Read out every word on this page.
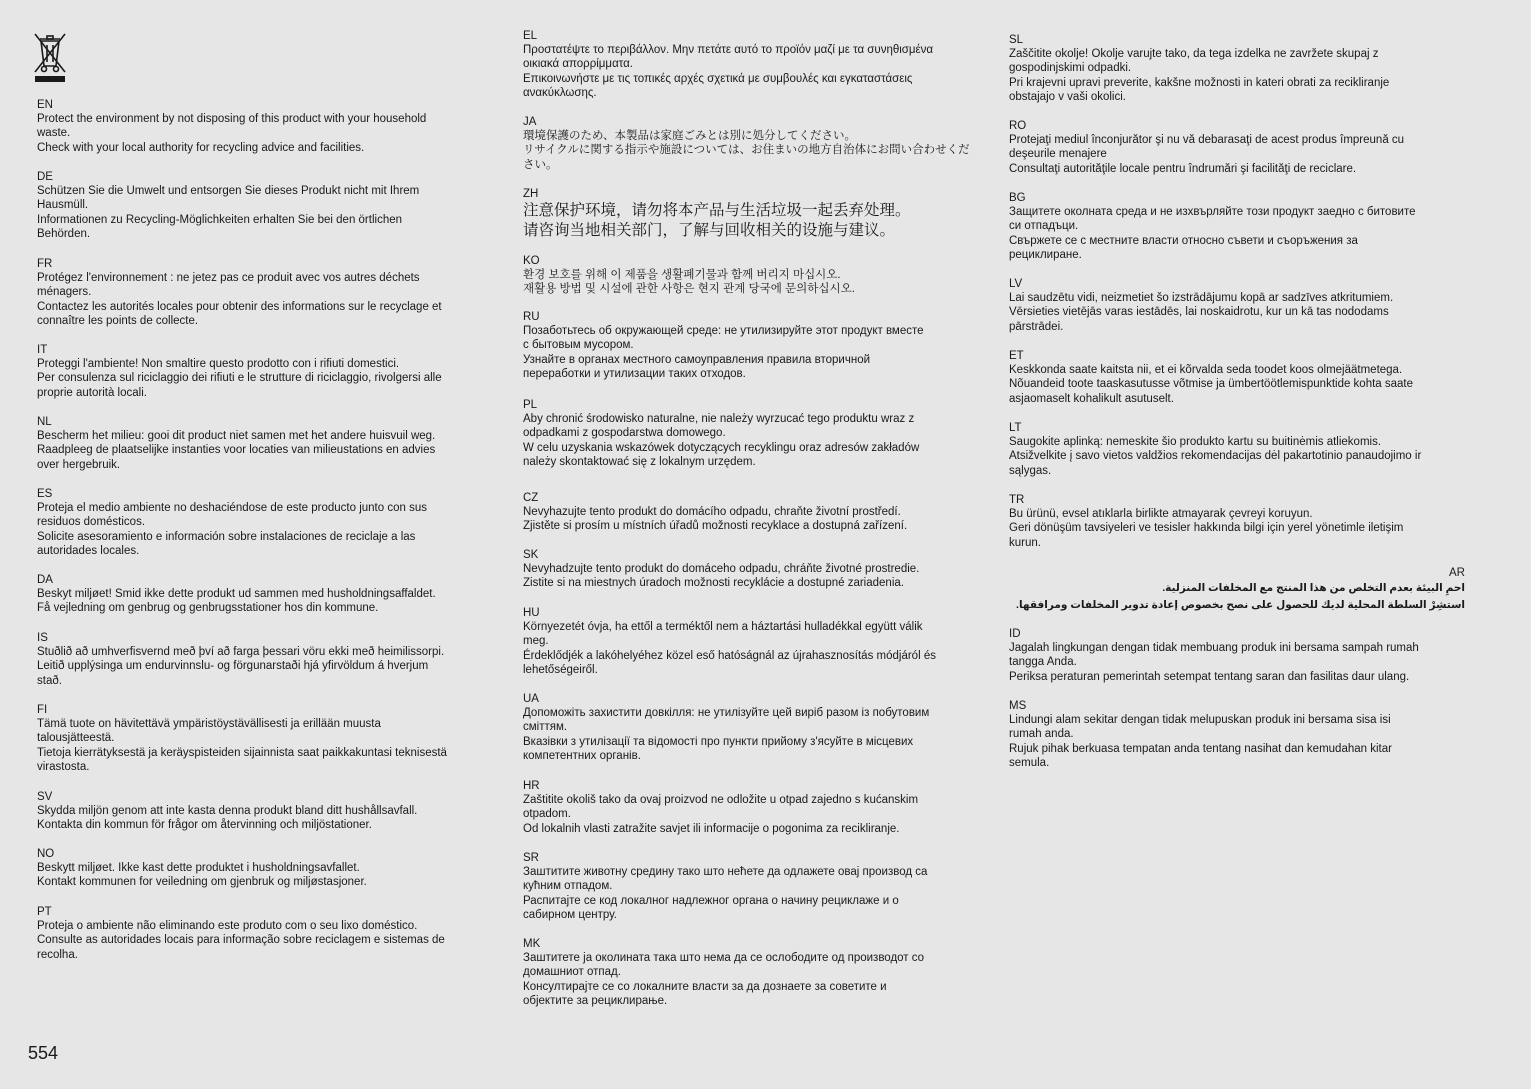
EN

Protect the environment by not disposing of this product with your household
waste.
Check with your local authority for recycling advice and facilities.

DE

Schützen Sie die Umwelt und entsorgen Sie dieses Produkt nicht mit Ihrem
Hausmüll.
Informationen zu Recycling-Möglichkeiten erhalten Sie bei den örtlichen
Behörden.

FR

Protégez l'environnement : ne jetez pas ce produit avec vos autres déchets
ménagers.
Contactez les autorités locales pour obtenir des informations sur le recyclage et
connaître les points de collecte.

IT

Proteggi l'ambiente! Non smaltire questo prodotto con i rifiuti domestici.
Per consulenza sul riciclaggio dei rifiuti e le strutture di riciclaggio, rivolgersi alle
proprie autorità locali.

NL

Bescherm het milieu: gooi dit product niet samen met het andere huisvuil weg.
Raadpleeg de plaatselijke instanties voor locaties van milieustations en advies
over hergebruik.

ES

Proteja el medio ambiente no deshaciéndose de este producto junto con sus
residuos domésticos.
Solicite asesoramiento e información sobre instalaciones de reciclaje a las
autoridades locales.

DA

Beskyt miljøet! Smid ikke dette produkt ud sammen med husholdningsaffaldet.
Få vejledning om genbrug og genbrugsstationer hos din kommune.

IS

Stuðlið að umhverfisvernd með því að farga þessari vöru ekki með heimilissorpi.
Leitið upplýsinga um endurvinnslu- og förgunarstaði hjá yfirvöldum á hverjum
stað.

FI

Tämä tuote on hävitettävä ympäristöystävällisesti ja erillään muusta
talousjätteestä.
Tietoja kierrätyksestä ja keräyspisteiden sijainnista saat paikkakuntasi teknisestä
virastosta.

SV

Skydda miljön genom att inte kasta denna produkt bland ditt hushållsavfall.
Kontakta din kommun för frågor om återvinning och miljöstationer.

NO

Beskytt miljøet. Ikke kast dette produktet i husholdningsavfallet.
Kontakt kommunen for veiledning om gjenbruk og miljøstasjoner.

PT

Proteja o ambiente não eliminando este produto com o seu lixo doméstico.
Consulte as autoridades locais para informação sobre reciclagem e sistemas de
recolha.

EL

Προστατέψτε το περιβάλλον. Μην πετάτε αυτό το προϊόν μαζί με τα συνηθισμένα
οικιακά απορρίμματα.
Επικοινωνήστε με τις τοπικές αρχές σχετικά με συμβουλές και εγκαταστάσεις
ανακύκλωσης.

JA

環境保護のため、本製品は家庭ごみとは別に処分してください。
リサイクルに関する指示や施設については、お住まいの地方自治体にお問い合わせくだ
さい。

ZH

注意保护环境，请勿将本产品与生活垃圾一起丢弃处理。
请咨询当地相关部门，了解与回收相关的设施与建议。

KO

환경 보호를 위해 이 제품을 생활폐기물과 함께 버리지 마십시오.
재활용 방법 및 시설에 관한 사항은 현지 관계 당국에 문의하십시오.

RU

Позаботьтесь об окружающей среде: не утилизируйте этот продукт вместе
с бытовым мусором.
Узнайте в органах местного самоуправления правила вторичной
переработки и утилизации таких отходов.

PL

Aby chronić środowisko naturalne, nie należy wyrzucać tego produktu wraz z
odpadkami z gospodarstwa domowego.
W celu uzyskania wskazówek dotyczących recyklingu oraz adresów zakładów
należy skontaktować się z lokalnym urzędem.

CZ

Nevyhazujte tento produkt do domácího odpadu, chraňte životní prostředí.
Zjistěte si prosím u místních úřadů možnosti recyklace a dostupná zařízení.

SK

Nevyhadzujte tento produkt do domáceho odpadu, chráňte životné prostredie.
Zistite si na miestnych úradoch možnosti recyklácie a dostupné zariadenia.

HU

Környezetét óvja, ha ettől a terméktől nem a háztartási hulladékkal együtt válik
meg.
Érdeklődjék a lakóhelyéhez közel eső hatóságnál az újrahasznosítás módjáról és
lehetőségeiről.

UA

Допоможіть захистити довкілля: не утилізуйте цей виріб разом із побутовим
сміттям.
Вказівки з утилізації та відомості про пункти прийому з'ясуйте в місцевих
компетентних органів.

HR

Zaštitite okoliš tako da ovaj proizvod ne odložite u otpad zajedno s kućanskim
otpadom.
Od lokalnih vlasti zatražite savjet ili informacije o pogonima za recikliranje.

SR

Заштитите животну средину тако што нећете да одлажете овај производ са
кућним отпадом.
Распитајте се код локалног надлежног органа о начину рециклаже и о
сабирном центру.

MK

Заштитете ја околината така што нема да се ослободите од производот со
домашниот отпад.
Консултирајте се со локалните власти за да дознаете за советите и
објектите за рециклирање.

SL

Zaščitite okolje! Okolje varujte tako, da tega izdelka ne zavržete skupaj z
gospodinjskimi odpadki.
Pri krajevni upravi preverite, kakšne možnosti in kateri obrati za recikliranje
obstajajo v vaši okolici.

RO

Protejaţi mediul înconjurător şi nu vă debarasaţi de acest produs împreună cu
deşeurile menajere
Consultaţi autorităţile locale pentru îndrumări şi facilităţi de reciclare.

BG

Защитете околната среда и не изхвърляйте този продукт заедно с битовите
си отпадъци.
Свържете се с местните власти относно съвети и съоръжения за
рециклиране.

LV

Lai saudzētu vidi, neizmetiet šo izstrādājumu kopā ar sadzīves atkritumiem.
Vērsieties vietējās varas iestādēs, lai noskaidrotu, kur un kā tas nododams
pārstrādei.

ET

Keskkonda saate kaitsta nii, et ei kõrvalda seda toodet koos olmejäätmetega.
Nõuandeid toote taaskasutusse võtmise ja ümbertöötlemispunktide kohta saate
asjaomaselt kohalikult asutuselt.

LT

Saugokite aplinką: nemeskite šio produkto kartu su buitinėmis atliekomis.
Atsižvelkite į savo vietos valdžios rekomendacijas dėl pakartotinio panaudojimo ir
sąlygas.

TR

Bu ürünü, evsel atıklarla birlikte atmayarak çevreyi koruyun.
Geri dönüşüm tavsiyeleri ve tesisler hakkında bilgi için yerel yönetimle iletişim
kurun.

AR

احمِ البيئة بعدم التخلص من هذا المنتج مع المخلفات المنزلية.
استشِرْ السلطة المحلية لديك للحصول على نصح بخصوص إعادة تدوير المخلفات ومرافقها.

ID

Jagalah lingkungan dengan tidak membuang produk ini bersama sampah rumah
tangga Anda.
Periksa peraturan pemerintah setempat tentang saran dan fasilitas daur ulang.

MS

Lindungi alam sekitar dengan tidak melupuskan produk ini bersama sisa isi
rumah anda.
Rujuk pihak berkuasa tempatan anda tentang nasihat dan kemudahan kitar
semula.

554
